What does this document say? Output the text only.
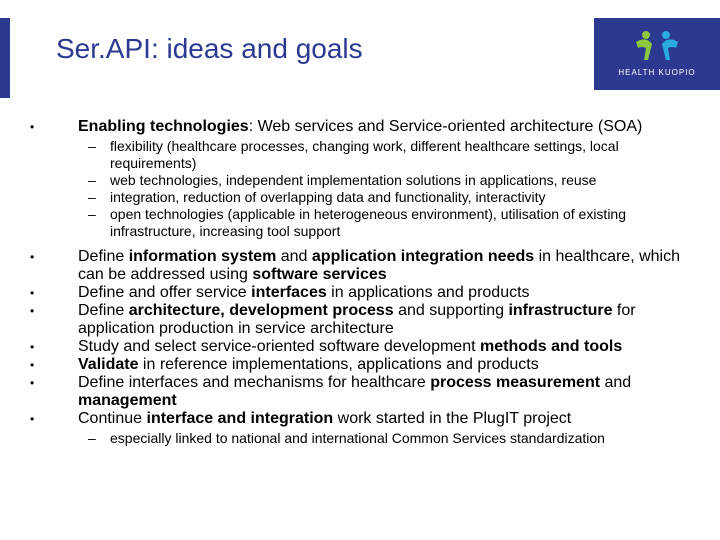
Ser.API: ideas and goals
HEALTH KUOPIO
•	Enabling technologies: Web services and Service-oriented architecture (SOA)
– flexibility (healthcare processes, changing work, different healthcare settings, local requirements)
– web technologies, independent implementation solutions in applications, reuse
– integration, reduction of overlapping data and functionality, interactivity
– open technologies (applicable in heterogeneous environment), utilisation of existing infrastructure, increasing tool support
•	Define information system and application integration needs in healthcare, which can be addressed using software services
•	Define and offer service interfaces in applications and products
•	Define architecture, development process and supporting infrastructure for application production in service architecture
•	Study and select service-oriented software development methods and tools
•	Validate in reference implementations, applications and products
•	Define interfaces and mechanisms for healthcare process measurement and management
•	Continue interface and integration work started in the PlugIT project
– especially linked to national and international Common Services standardization
